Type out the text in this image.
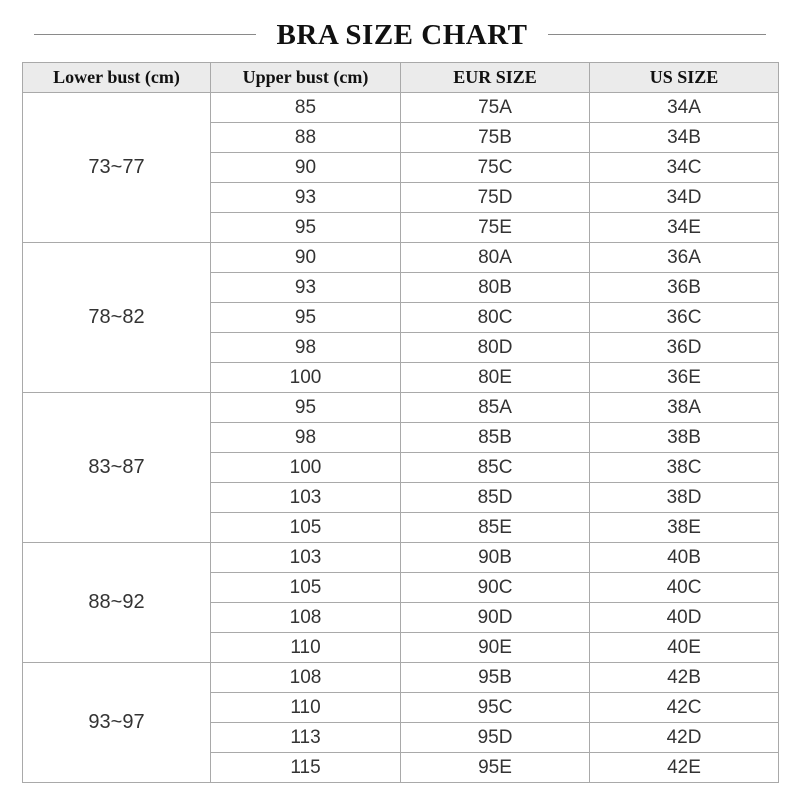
BRA SIZE CHART
Lower bust (cm)	Upper bust (cm)	EUR SIZE	US SIZE
73~77	85	75A	34A
	88	75B	34B
	90	75C	34C
	93	75D	34D
	95	75E	34E
78~82	90	80A	36A
	93	80B	36B
	95	80C	36C
	98	80D	36D
	100	80E	36E
83~87	95	85A	38A
	98	85B	38B
	100	85C	38C
	103	85D	38D
	105	85E	38E
88~92	103	90B	40B
	105	90C	40C
	108	90D	40D
	110	90E	40E
93~97	108	95B	42B
	110	95C	42C
	113	95D	42D
	115	95E	42E
